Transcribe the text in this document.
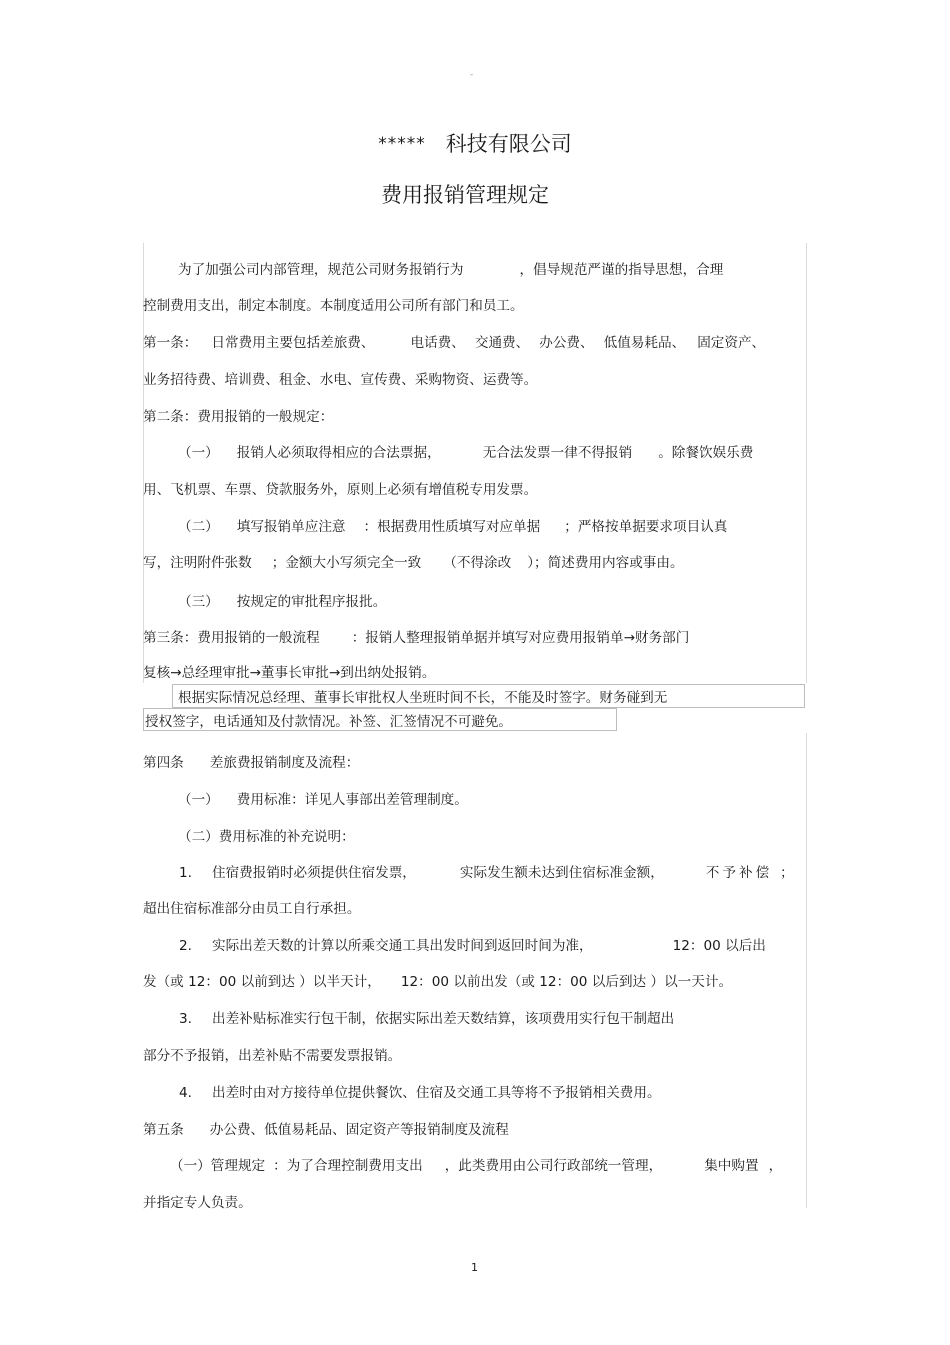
-
***** 科技有限公司
费用报销管理规定
为了加强公司内部管理，规范公司财务报销行为	，倡导规范严谨的指导思想，合理
控制费用支出，制定本制度。本制度适用公司所有部门和员工。
第一条： 日常费用主要包括差旅费、	电话费、 交通费、 办公费、 低值易耗品、 固定资产、
业务招待费、培训费、租金、水电、宣传费、采购物资、运费等。
第二条：费用报销的一般规定：
（一） 报销人必须取得相应的合法票据，	无合法发票一律不得报销 。除餐饮娱乐费
用、飞机票、车票、贷款服务外，原则上必须有增值税专用发票。
（二） 填写报销单应注意 ：根据费用性质填写对应单据 ；严格按单据要求项目认真
写，注明附件张数 ；金额大小写须完全一致 （不得涂改 ）；简述费用内容或事由。
（三） 按规定的审批程序报批。
第三条：费用报销的一般流程 ：报销人整理报销单据并填写对应费用报销单→财务部门
复核→总经理审批→董事长审批→到出纳处报销。
根据实际情况总经理、董事长审批权人坐班时间不长，不能及时签字。财务碰到无
授权签字，电话通知及付款情况。补签、汇签情况不可避免。
第四条 差旅费报销制度及流程：
（一） 费用标准：详见人事部出差管理制度。
（二）费用标准的补充说明：
1. 住宿费报销时必须提供住宿发票，	实际发生额未达到住宿标准金额，	不予补偿 ；
超出住宿标准部分由员工自行承担。
2. 实际出差天数的计算以所乘交通工具出发时间到返回时间为准，	12：00 以后出
发（或 12：00 以前到达 ）以半天计， 12：00 以前出发（或 12：00 以后到达 ）以一天计。
3. 出差补贴标准实行包干制，依据实际出差天数结算，该项费用实行包干制超出
部分不予报销，出差补贴不需要发票报销。
4. 出差时由对方接待单位提供餐饮、住宿及交通工具等将不予报销相关费用。
第五条 办公费、低值易耗品、固定资产等报销制度及流程
（一）管理规定 ：为了合理控制费用支出 ，此类费用由公司行政部统一管理，	集中购置 ，
并指定专人负责。
1
